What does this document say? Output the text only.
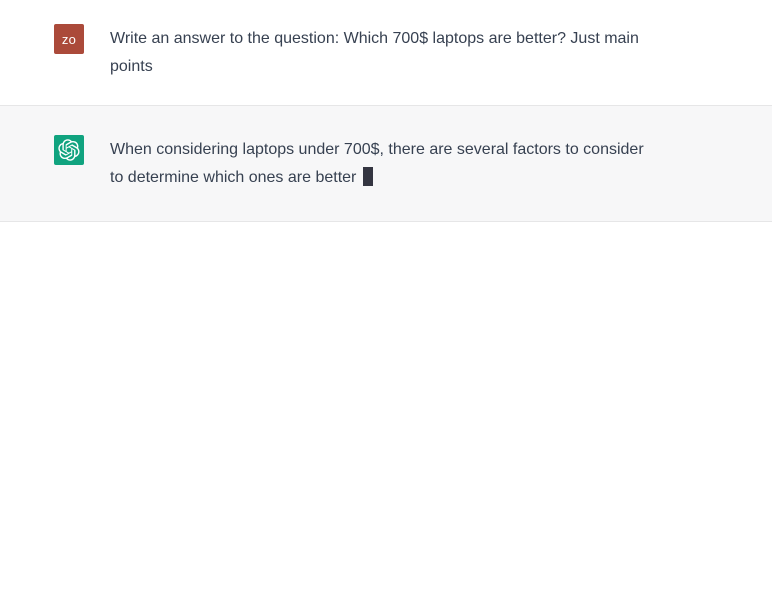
zo Write an answer to the question: Which 700$ laptops are better? Just main
points
When considering laptops under 700$, there are several factors to consider
to determine which ones are better
